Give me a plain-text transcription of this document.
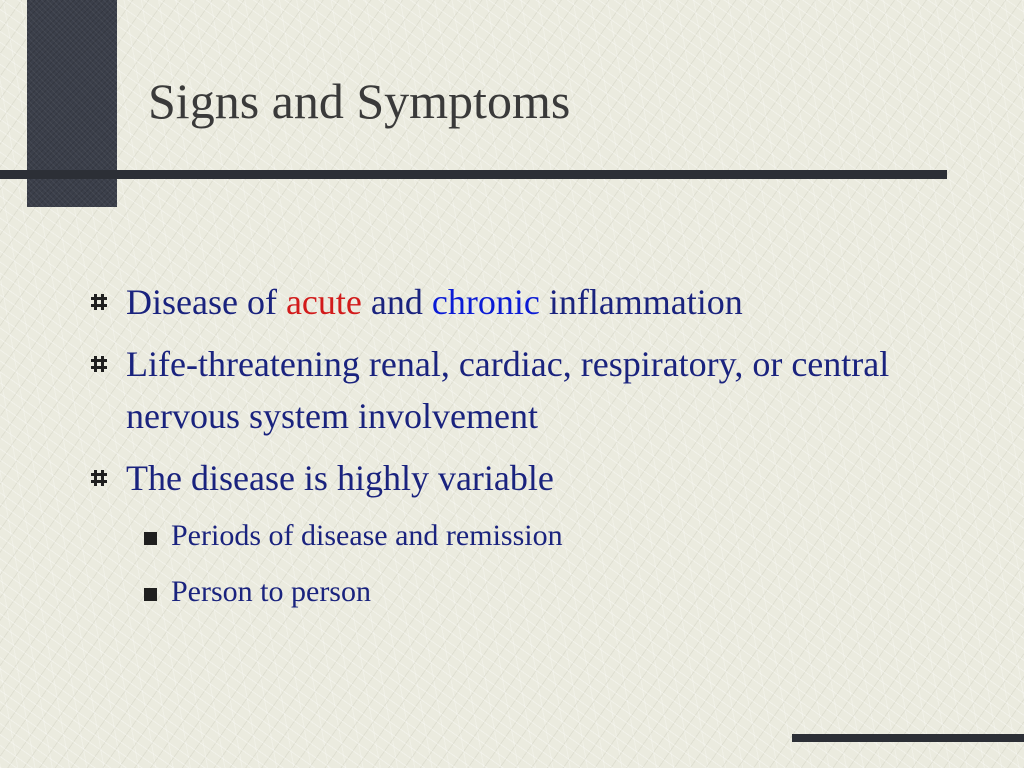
Signs and Symptoms
Disease of acute and chronic inflammation
Life-threatening renal, cardiac, respiratory, or central nervous system involvement
The disease is highly variable
Periods of disease and remission
Person to person
